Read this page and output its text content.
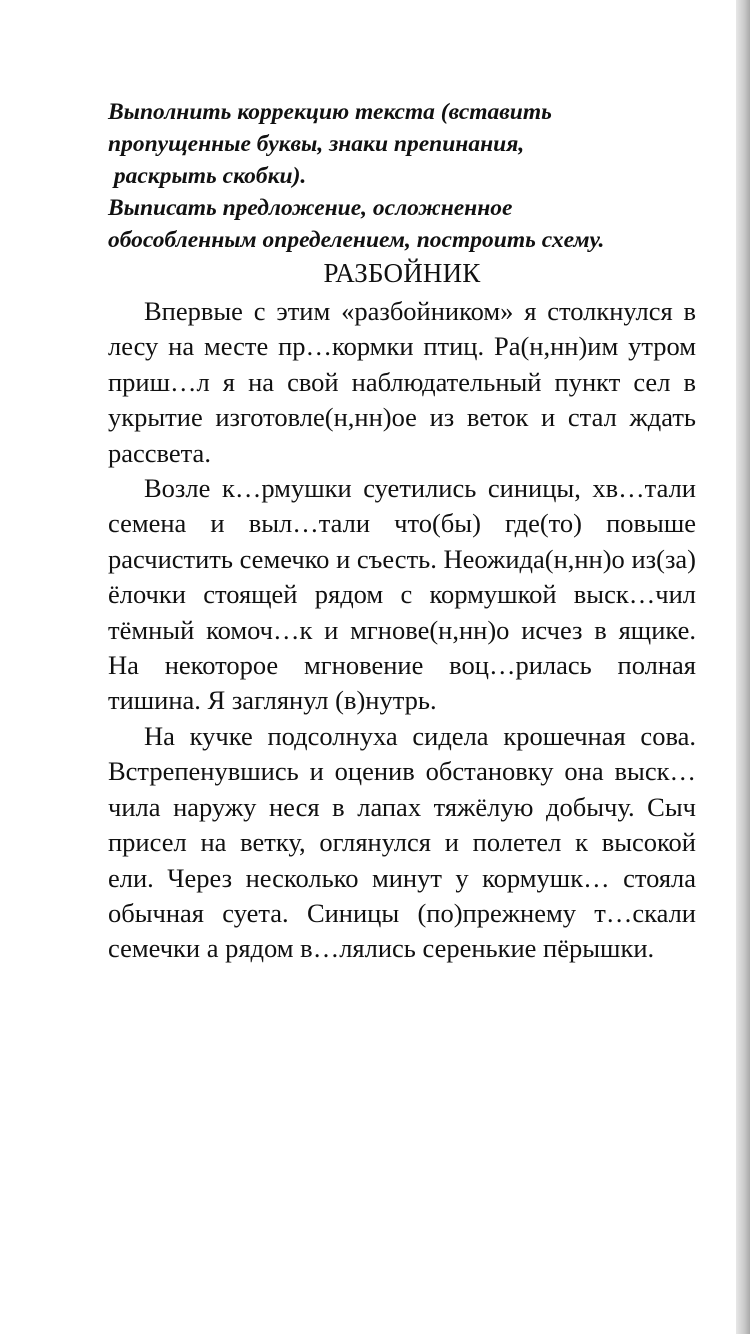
Выполнить коррекцию текста (вставить
пропущенные буквы, знаки препинания,
раскрыть скобки).
Выписать предложение, осложненное
обособленным определением, построить схему.
РАЗБОЙНИК

Впервые с этим «разбойником» я столкнулся в лесу на месте пр…кормки птиц. Ра(н,нн)им утром приш…л я на свой наблюдательный пункт сел в укрытие изготовле(н,нн)ое из веток и стал ждать рассвета.

Возле к…рмушки суетились синицы, хв…тали семена и выл…тали что(бы) где(то) повыше расчистить семечко и съесть. Неожида(н,нн)о из(за) ёлочки стоящей рядом с кормушкой выск…чил тёмный комоч…к и мгнове(н,нн)о исчез в ящике. На некоторое мгновение воц…рилась полная тишина. Я заглянул (в)нутрь.

На кучке подсолнуха сидела крошечная сова. Встрепенувшись и оценив обстановку она выск…чила наружу неся в лапах тяжёлую добычу. Сыч присел на ветку, оглянулся и полетел к высокой ели. Через несколько минут у кормушк… стояла обычная суета. Синицы (по)прежнему т…скали семечки а рядом в…лялись серенькие пёрышки.
